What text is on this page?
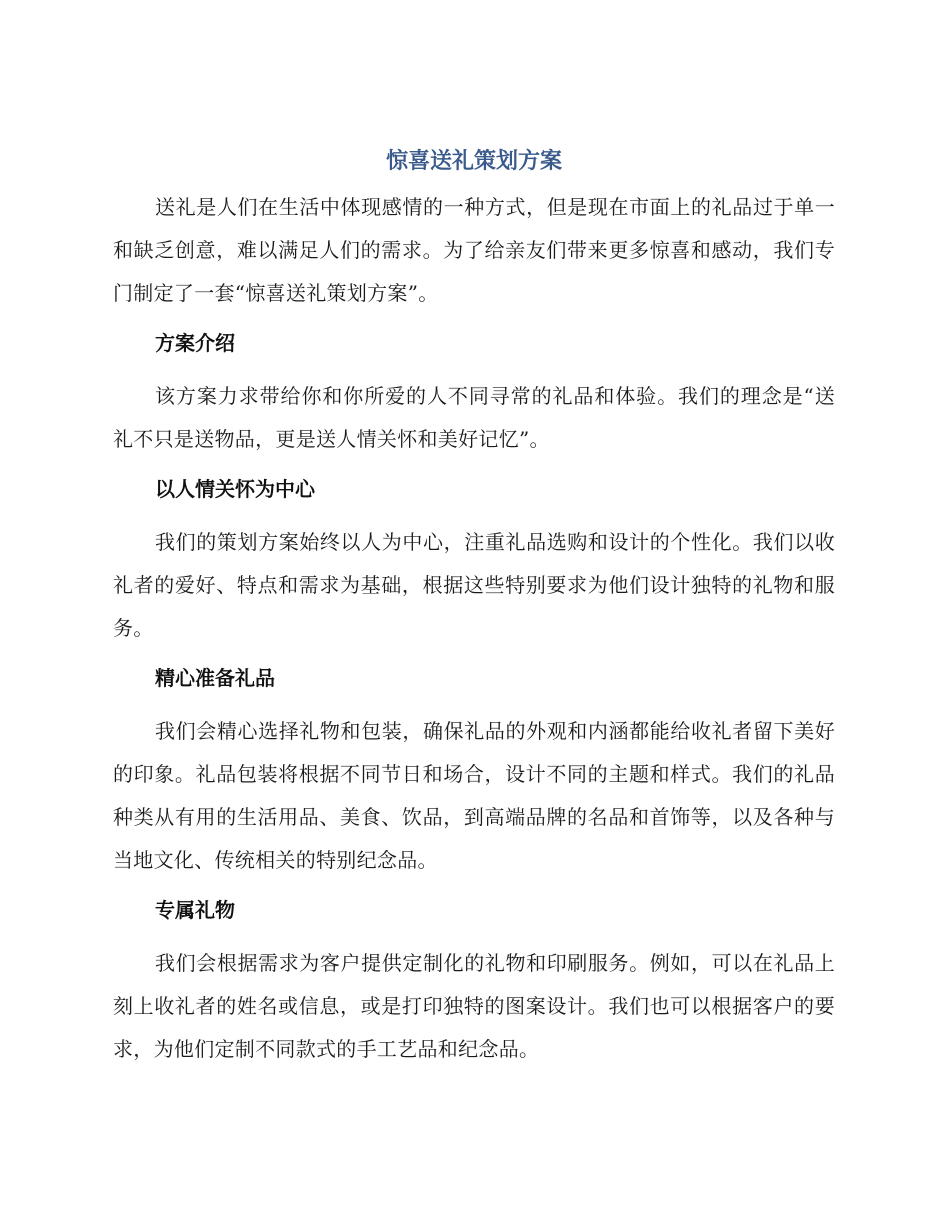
惊喜送礼策划方案

送礼是人们在生活中体现感情的一种方式，但是现在市面上的礼品过于单一和缺乏创意，难以满足人们的需求。为了给亲友们带来更多惊喜和感动，我们专门制定了一套“惊喜送礼策划方案”。

方案介绍

该方案力求带给你和你所爱的人不同寻常的礼品和体验。我们的理念是“送礼不只是送物品，更是送人情关怀和美好记忆”。

以人情关怀为中心

我们的策划方案始终以人为中心，注重礼品选购和设计的个性化。我们以收礼者的爱好、特点和需求为基础，根据这些特别要求为他们设计独特的礼物和服务。

精心准备礼品

我们会精心选择礼物和包装，确保礼品的外观和内涵都能给收礼者留下美好的印象。礼品包装将根据不同节日和场合，设计不同的主题和样式。我们的礼品种类从有用的生活用品、美食、饮品，到高端品牌的名品和首饰等，以及各种与当地文化、传统相关的特别纪念品。

专属礼物

我们会根据需求为客户提供定制化的礼物和印刷服务。例如，可以在礼品上刻上收礼者的姓名或信息，或是打印独特的图案设计。我们也可以根据客户的要求，为他们定制不同款式的手工艺品和纪念品。
